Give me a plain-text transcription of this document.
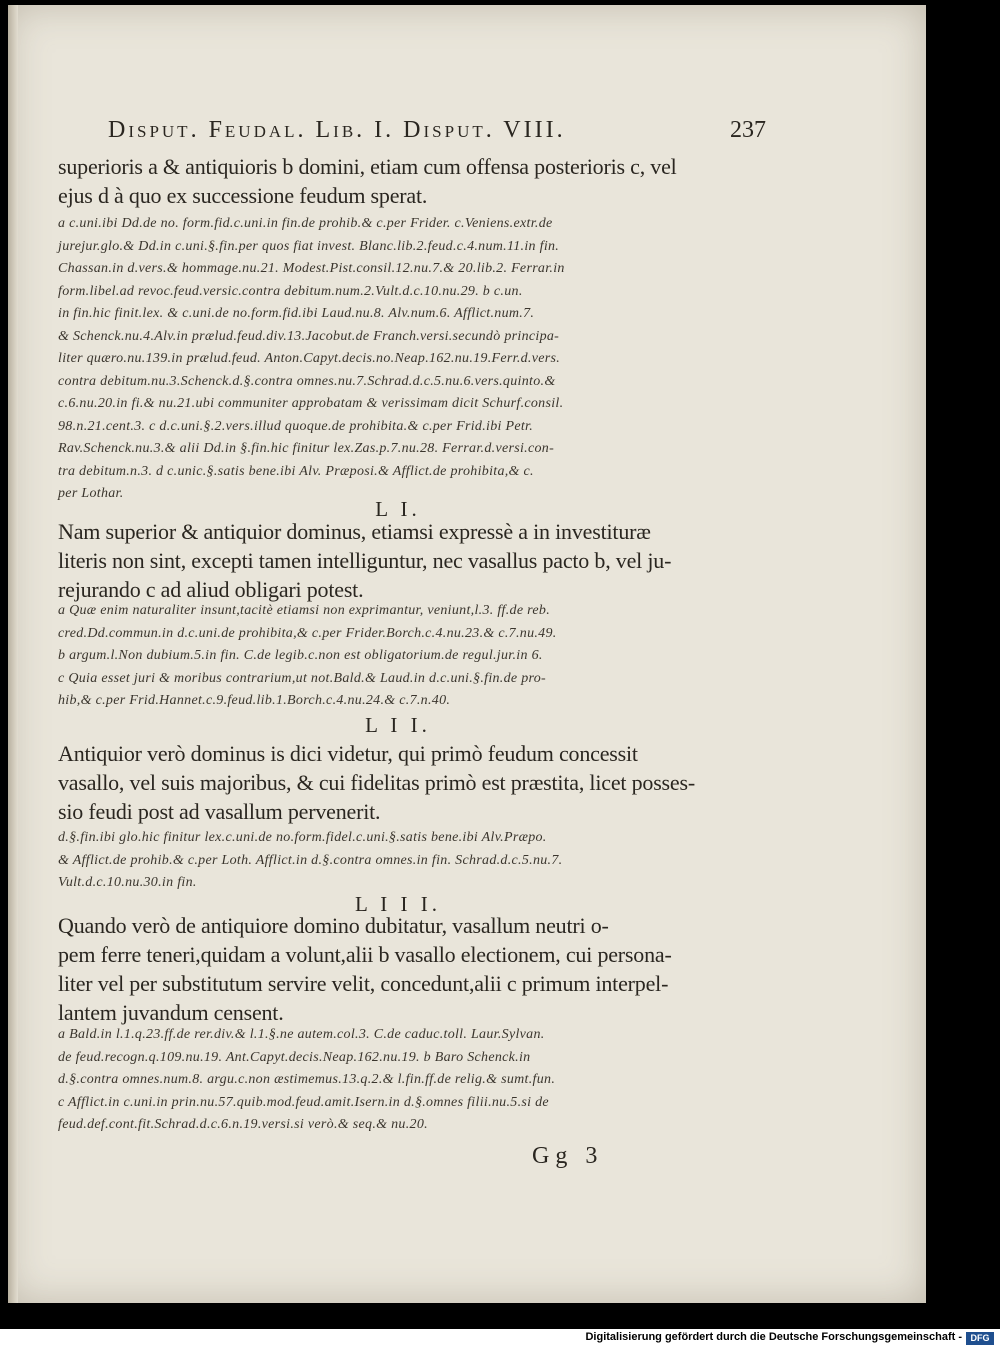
Disput. Feudal. Lib. I. Disput. VIII.	237
superioris a & antiquioris b domini, etiam cum offensa posterioris c, vel
ejus d à quo ex successione feudum sperat.
a c.uni.ibi Dd.de no. form.fid.c.uni.in fin.de prohib.& c.per Frider. c.Veniens.extr.de
jurejur.glo.& Dd.in c.uni.§.fin.per quos fiat invest. Blanc.lib.2.feud.c.4.num.11.in fin.
Chassan.in d.vers.& hommage.nu.21. Modest.Pist.consil.12.nu.7.& 20.lib.2. Ferrar.in
form.libel.ad revoc.feud.versic.contra debitum.num.2.Vult.d.c.10.nu.29. b c.un.
in fin.hic finit.lex. & c.uni.de no.form.fid.ibi Laud.nu.8. Alv.num.6. Afflict.num.7.
& Schenck.nu.4.Alv.in prælud.feud.div.13.Jacobut.de Franch.versi.secundò principa-
liter quæro.nu.139.in prælud.feud. Anton.Capyt.decis.no.Neap.162.nu.19.Ferr.d.vers.
contra debitum.nu.3.Schenck.d.§.contra omnes.nu.7.Schrad.d.c.5.nu.6.vers.quinto.&
c.6.nu.20.in fi.& nu.21.ubi communiter approbatam & verissimam dicit Schurf.consil.
98.n.21.cent.3. c d.c.uni.§.2.vers.illud quoque.de prohibita.& c.per Frid.ibi Petr.
Rav.Schenck.nu.3.& alii Dd.in §.fin.hic finitur lex.Zas.p.7.nu.28. Ferrar.d.versi.con-
tra debitum.n.3. d c.unic.§.satis bene.ibi Alv. Præposi.& Afflict.de prohibita,& c.
per Lothar.
L I.
Nam superior & antiquior dominus, etiamsi expressè a in investituræ
literis non sint, excepti tamen intelliguntur, nec vasallus pacto b, vel ju-
rejurando c ad aliud obligari potest.
a Quæ enim naturaliter insunt,tacitè etiamsi non exprimantur, veniunt,l.3. ff.de reb.
cred.Dd.commun.in d.c.uni.de prohibita,& c.per Frider.Borch.c.4.nu.23.& c.7.nu.49.
b argum.l.Non dubium.5.in fin. C.de legib.c.non est obligatorium.de regul.jur.in 6.
c Quia esset juri & moribus contrarium,ut not.Bald.& Laud.in d.c.uni.§.fin.de pro-
hib,& c.per Frid.Hannet.c.9.feud.lib.1.Borch.c.4.nu.24.& c.7.n.40.
L I I.
Antiquior verò dominus is dici videtur, qui primò feudum concessit
vasallo, vel suis majoribus, & cui fidelitas primò est præstita, licet posses-
sio feudi post ad vasallum pervenerit.
d.§.fin.ibi glo.hic finitur lex.c.uni.de no.form.fidel.c.uni.§.satis bene.ibi Alv.Præpo.
& Afflict.de prohib.& c.per Loth. Afflict.in d.§.contra omnes.in fin. Schrad.d.c.5.nu.7.
Vult.d.c.10.nu.30.in fin.
L I I I.
Quando verò de antiquiore domino dubitatur, vasallum neutri o-
pem ferre teneri,quidam a volunt,alii b vasallo electionem, cui persona-
liter vel per substitutum servire velit, concedunt,alii c primum interpel-
lantem juvandum censent.
a Bald.in l.1.q.23.ff.de rer.div.& l.1.§.ne autem.col.3. C.de caduc.toll. Laur.Sylvan.
de feud.recogn.q.109.nu.19. Ant.Capyt.decis.Neap.162.nu.19. b Baro Schenck.in
d.§.contra omnes.num.8. argu.c.non æstimemus.13.q.2.& l.fin.ff.de relig.& sumt.fun.
c Afflict.in c.uni.in prin.nu.57.quib.mod.feud.amit.Isern.in d.§.omnes filii.nu.5.si de
feud.def.cont.fit.Schrad.d.c.6.n.19.versi.si verò.& seq.& nu.20.
Gg 3
Digitalisierung gefördert durch die Deutsche Forschungsgemeinschaft - DFG
